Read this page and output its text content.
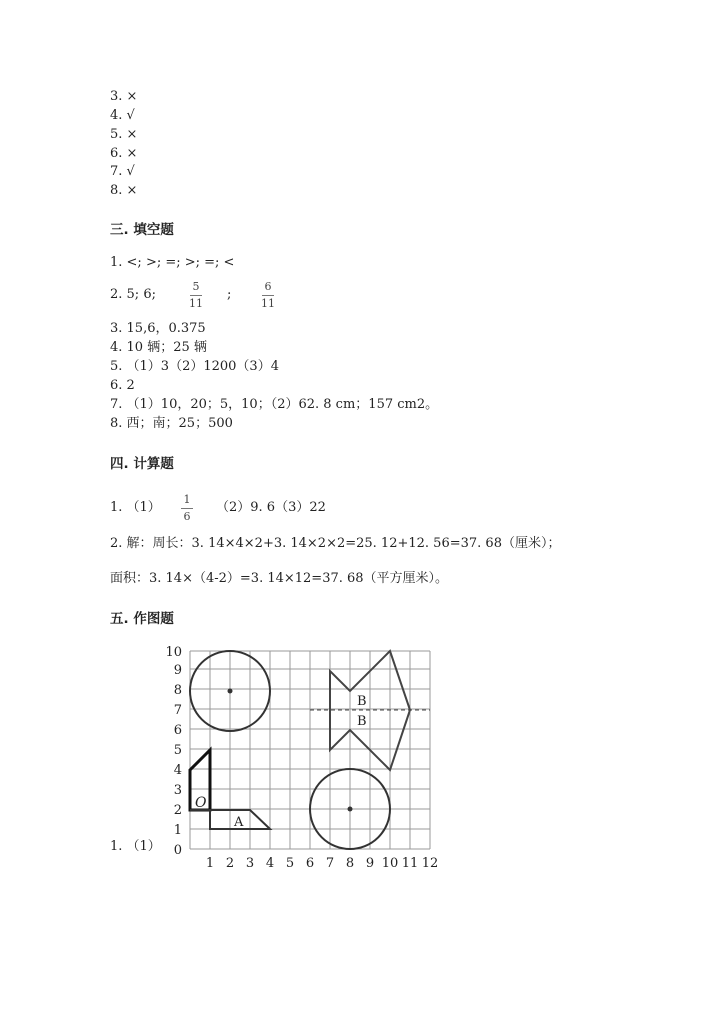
3. ×
4. √
5. ×
6. ×
7. √
8. ×
三. 填空题
1. <; >; =; >; =; <
2. 5; 6;
5
11
;
6
11
3. 15,6，0.375
4. 10 辆；25 辆
5. （1）3（2）1200（3）4
6. 2
7. （1）10，20；5，10；（2）62. 8 cm；157 cm2。
8. 西；南；25；500
四. 计算题
1. （1）
1
6
（2）9. 6（3）22
2. 解：周长：3. 14×4×2+3. 14×2×2=25. 12+12. 56=37. 68（厘米）；
面积：3. 14×（4-2）=3. 14×12=37. 68（平方厘米）。
五. 作图题
1. （1）
1 2 3 4 5 6 7 8 9 10 11 12
0
1
2
3
4
5
6
7
8
9
10
B
B
O
A
